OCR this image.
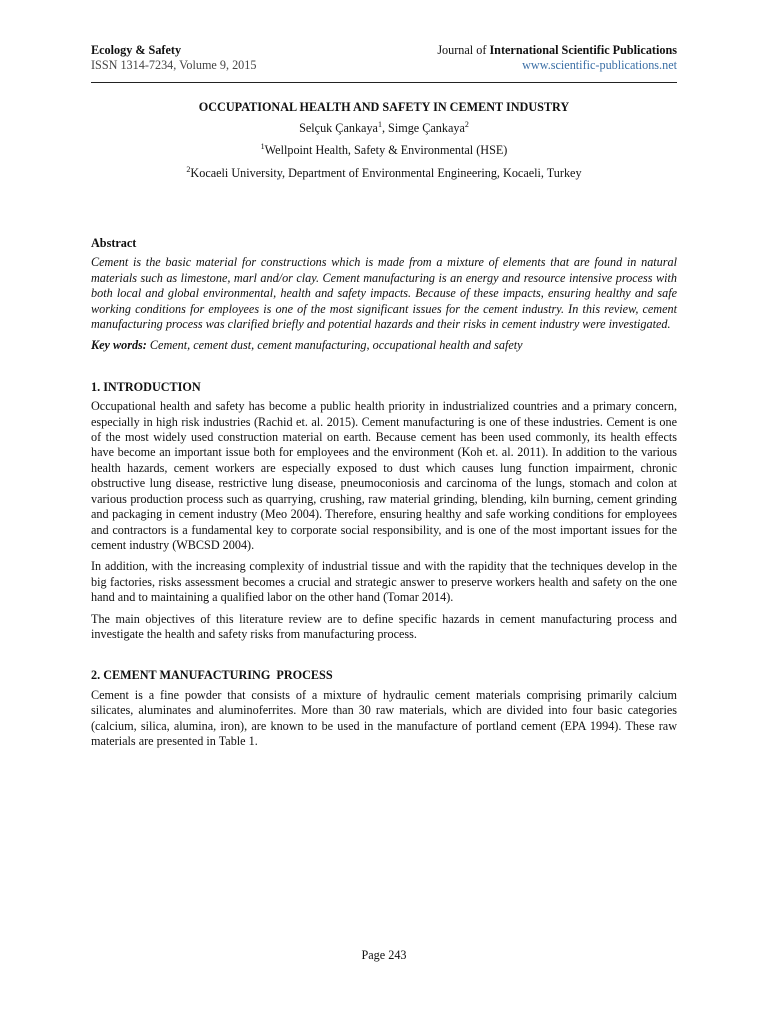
Ecology & Safety
ISSN 1314-7234, Volume 9, 2015
Journal of International Scientific Publications
www.scientific-publications.net
OCCUPATIONAL HEALTH AND SAFETY IN CEMENT INDUSTRY
Selçuk Çankaya$^1$, Simge Çankaya$^2$
$^1$Wellpoint Health, Safety & Environmental (HSE)
$^2$Kocaeli University, Department of Environmental Engineering, Kocaeli, Turkey
Abstract

Cement is the basic material for constructions which is made from a mixture of elements that are found in natural materials such as limestone, marl and/or clay. Cement manufacturing is an energy and resource intensive process with both local and global environmental, health and safety impacts. Because of these impacts, ensuring healthy and safe working conditions for employees is one of the most significant issues for the cement industry. In this review, cement manufacturing process was clarified briefly and potential hazards and their risks in cement industry were investigated.

Key words: Cement, cement dust, cement manufacturing, occupational health and safety

1. INTRODUCTION

Occupational health and safety has become a public health priority in industrialized countries and a primary concern, especially in high risk industries (Rachid et. al. 2015). Cement manufacturing is one of these industries. Cement is one of the most widely used construction material on earth. Because cement has been used commonly, its health effects have become an important issue both for employees and the environment (Koh et. al. 2011). In addition to the various health hazards, cement workers are especially exposed to dust which causes lung function impairment, chronic obstructive lung disease, restrictive lung disease, pneumoconiosis and carcinoma of the lungs, stomach and colon at various production process such as quarrying, crushing, raw material grinding, blending, kiln burning, cement grinding and packaging in cement industry (Meo 2004). Therefore, ensuring healthy and safe working conditions for employees and contractors is a fundamental key to corporate social responsibility, and is one of the most important issues for the cement industry (WBCSD 2004).

In addition, with the increasing complexity of industrial tissue and with the rapidity that the techniques develop in the big factories, risks assessment becomes a crucial and strategic answer to preserve workers health and safety on the one hand and to maintaining a qualified labor on the other hand (Tomar 2014).

The main objectives of this literature review are to define specific hazards in cement manufacturing process and investigate the health and safety risks from manufacturing process.

2. CEMENT MANUFACTURING  PROCESS

Cement is a fine powder that consists of a mixture of hydraulic cement materials comprising primarily calcium silicates, aluminates and aluminoferrites. More than 30 raw materials, which are divided into four basic categories (calcium, silica, alumina, iron), are known to be used in the manufacture of portland cement (EPA 1994). These raw materials are presented in Table 1.

Page 243
